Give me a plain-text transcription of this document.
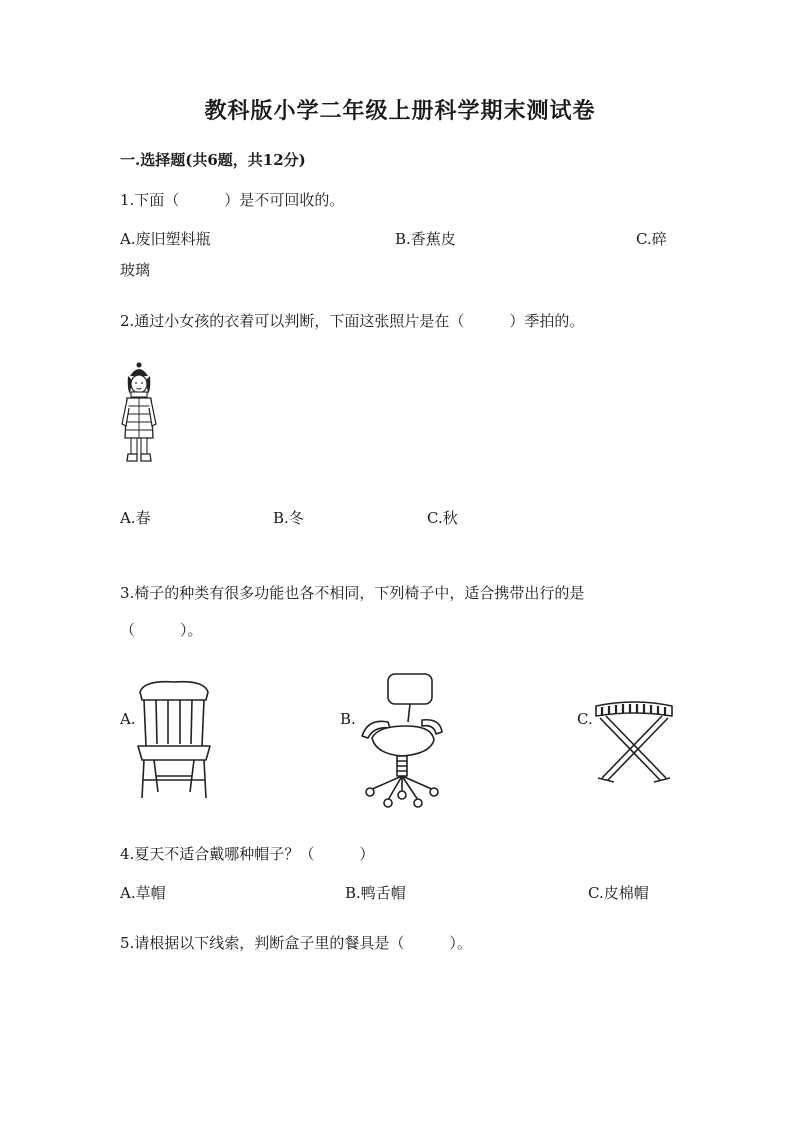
教科版小学二年级上册科学期末测试卷
一.选择题(共6题，共12分)
1.下面（　　　）是不可回收的。
A.废旧塑料瓶	B.香蕉皮	C.碎
玻璃
2.通过小女孩的衣着可以判断，下面这张照片是在（　　　）季拍的。
A.春	B.冬	C.秋
3.椅子的种类有很多功能也各不相同，下列椅子中，适合携带出行的是
（　　　）。
A.	B.	C.
4.夏天不适合戴哪种帽子？（　　　）
A.草帽	B.鸭舌帽	C.皮棉帽
5.请根据以下线索，判断盒子里的餐具是（　　　）。
